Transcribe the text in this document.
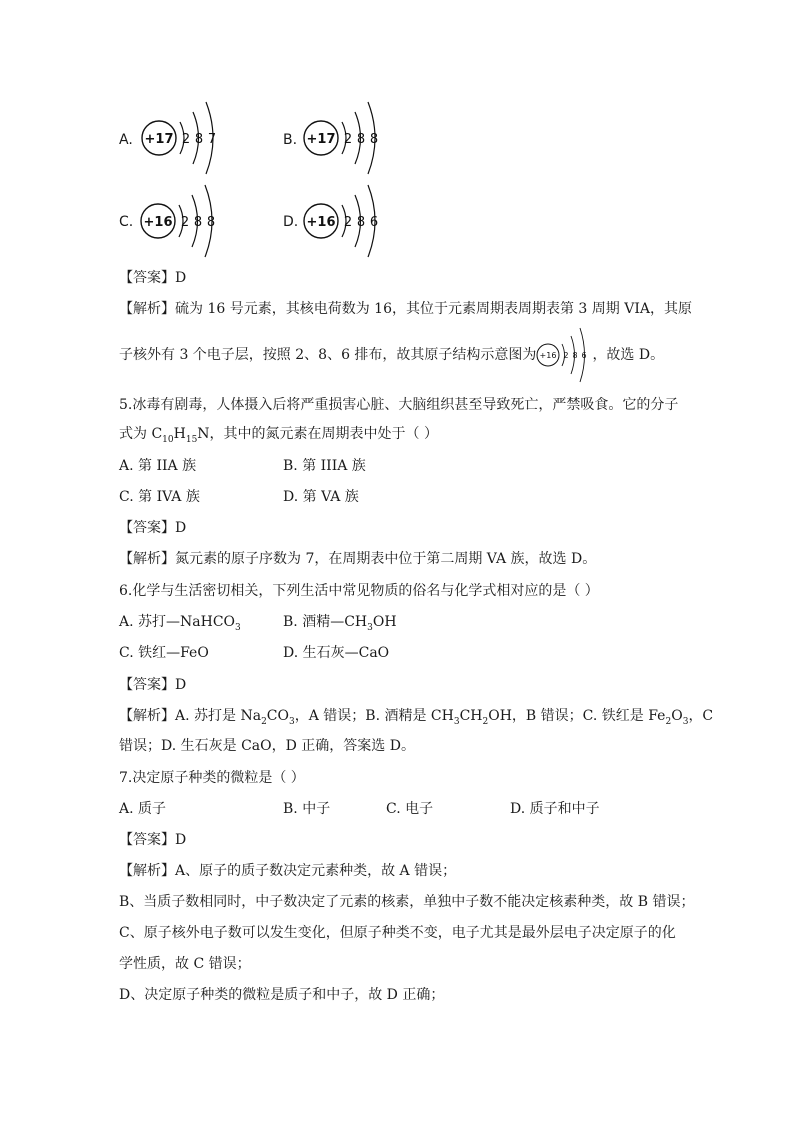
A. +17 2 8 7	B. +17 2 8 8
C. +16 2 8 8	D. +16 2 8 6
【答案】D
【解析】硫为 16 号元素，其核电荷数为 16，其位于元素周期表周期表第 3 周期 VIA，其原
子核外有 3 个电子层，按照 2、8、6 排布，故其原子结构示意图为 +16 2 8 6 ，故选 D。
5.冰毒有剧毒，人体摄入后将严重损害心脏、大脑组织甚至导致死亡，严禁吸食。它的分子
式为 $C_{10}H_{15}N$，其中的氮元素在周期表中处于（ ）
A. 第 IIA 族	B. 第 IIIA 族
C. 第 IVA 族	D. 第 VA 族
【答案】D
【解析】氮元素的原子序数为 7，在周期表中位于第二周期 VA 族，故选 D。
6.化学与生活密切相关，下列生活中常见物质的俗名与化学式相对应的是（ ）
A. 苏打—NaHCO$_3$	B. 酒精$—CH_3OH$
C. 铁红—FeO	D. 生石灰—CaO
【答案】D
【解析】A. 苏打是 $Na_2CO_3$，A 错误；B. 酒精是 $CH_3CH_2OH$，B 错误；C. 铁红是 $Fe_2O_3$，C
错误；D. 生石灰是 CaO，D 正确，答案选 D。
7.决定原子种类的微粒是（ ）
A. 质子	B. 中子	C. 电子	D. 质子和中子
【答案】D
【解析】A、原子的质子数决定元素种类，故 A 错误；
B、当质子数相同时，中子数决定了元素的核素，单独中子数不能决定核素种类，故 B 错误；
C、原子核外电子数可以发生变化，但原子种类不变，电子尤其是最外层电子决定原子的化
学性质，故 C 错误；
D、决定原子种类的微粒是质子和中子，故 D 正确；
